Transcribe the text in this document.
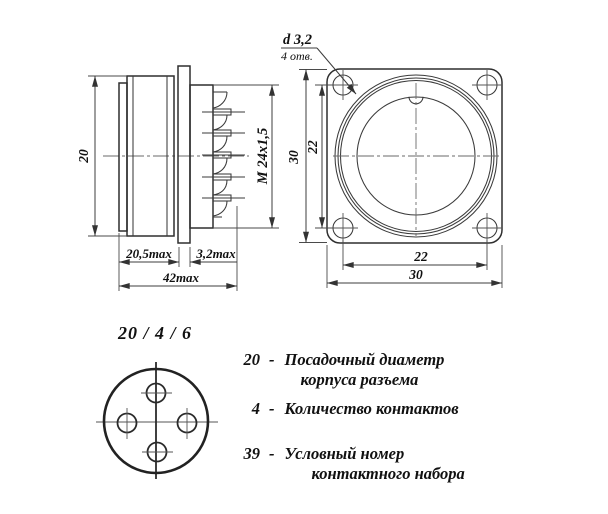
20	M 24x1,5
20,5max 3,2max
42max
d 3,2
4 отв.
30
22
22
30
20 / 4 / 6
20 - Посадочный диаметр
корпуса разъема
4 - Количество контактов
39 - Условный номер
контактного набора
